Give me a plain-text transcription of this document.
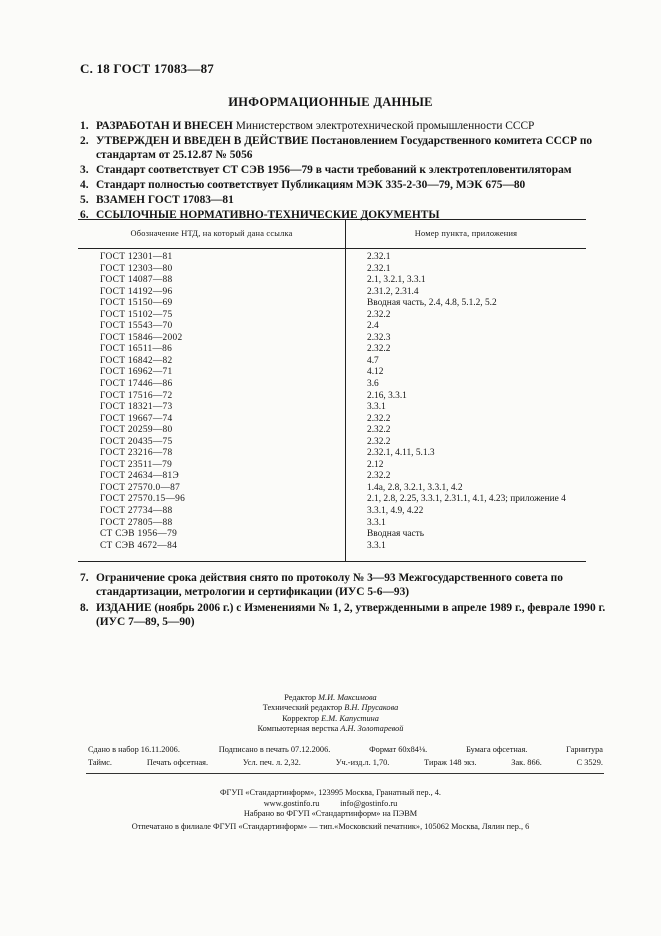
С. 18 ГОСТ 17083—87
ИНФОРМАЦИОННЫЕ ДАННЫЕ
1. РАЗРАБОТАН И ВНЕСЕН Министерством электротехнической промышленности СССР
2. УТВЕРЖДЕН И ВВЕДЕН В ДЕЙСТВИЕ Постановлением Государственного комитета СССР по стандартам от 25.12.87 № 5056
3. Стандарт соответствует СТ СЭВ 1956—79 в части требований к электротепловентиляторам
4. Стандарт полностью соответствует Публикациям МЭК 335-2-30—79, МЭК 675—80
5. ВЗАМЕН ГОСТ 17083—81
6. ССЫЛОЧНЫЕ НОРМАТИВНО-ТЕХНИЧЕСКИЕ ДОКУМЕНТЫ
Обозначение НТД, на который дана ссылка	Номер пункта, приложения
ГОСТ 12301—81	2.32.1
ГОСТ 12303—80	2.32.1
ГОСТ 14087—88	2.1, 3.2.1, 3.3.1
ГОСТ 14192—96	2.31.2, 2.31.4
ГОСТ 15150—69	Вводная часть, 2.4, 4.8, 5.1.2, 5.2
ГОСТ 15102—75	2.32.2
ГОСТ 15543—70	2.4
ГОСТ 15846—2002	2.32.3
ГОСТ 16511—86	2.32.2
ГОСТ 16842—82	4.7
ГОСТ 16962—71	4.12
ГОСТ 17446—86	3.6
ГОСТ 17516—72	2.16, 3.3.1
ГОСТ 18321—73	3.3.1
ГОСТ 19667—74	2.32.2
ГОСТ 20259—80	2.32.2
ГОСТ 20435—75	2.32.2
ГОСТ 23216—78	2.32.1, 4.11, 5.1.3
ГОСТ 23511—79	2.12
ГОСТ 24634—81Э	2.32.2
ГОСТ 27570.0—87	1.4а, 2.8, 3.2.1, 3.3.1, 4.2
ГОСТ 27570.15—96	2.1, 2.8, 2.25, 3.3.1, 2.31.1, 4.1, 4.23; приложение 4
ГОСТ 27734—88	3.3.1, 4.9, 4.22
ГОСТ 27805—88	3.3.1
СТ СЭВ 1956—79	Вводная часть
СТ СЭВ 4672—84	3.3.1
7. Ограничение срока действия снято по протоколу № 3—93 Межгосударственного совета по стандартизации, метрологии и сертификации (ИУС 5-6—93)
8. ИЗДАНИЕ (ноябрь 2006 г.) с Изменениями № 1, 2, утвержденными в апреле 1989 г., феврале 1990 г. (ИУС 7—89, 5—90)
Редактор М.И. Максимова
Технический редактор В.Н. Прусакова
Корректор Е.М. Капустина
Компьютерная верстка А.Н. Золотаревой
Сдано в набор 16.11.2006.	Подписано в печать 07.12.2006.	Формат 60x84⅛.	Бумага офсетная.	Гарнитура
Таймс.	Печать офсетная.	Усл. печ. л. 2,32.	Уч.-изд.л. 1,70.	Тираж 148 экз.	Зак. 866.	С 3529.
ФГУП «Стандартинформ», 123995 Москва, Гранатный пер., 4.
www.gostinfo.ru          info@gostinfo.ru
Набрано во ФГУП «Стандартинформ» на ПЭВМ
Отпечатано в филиале ФГУП «Стандартинформ» — тип.«Московский печатник», 105062 Москва, Лялин пер., 6
